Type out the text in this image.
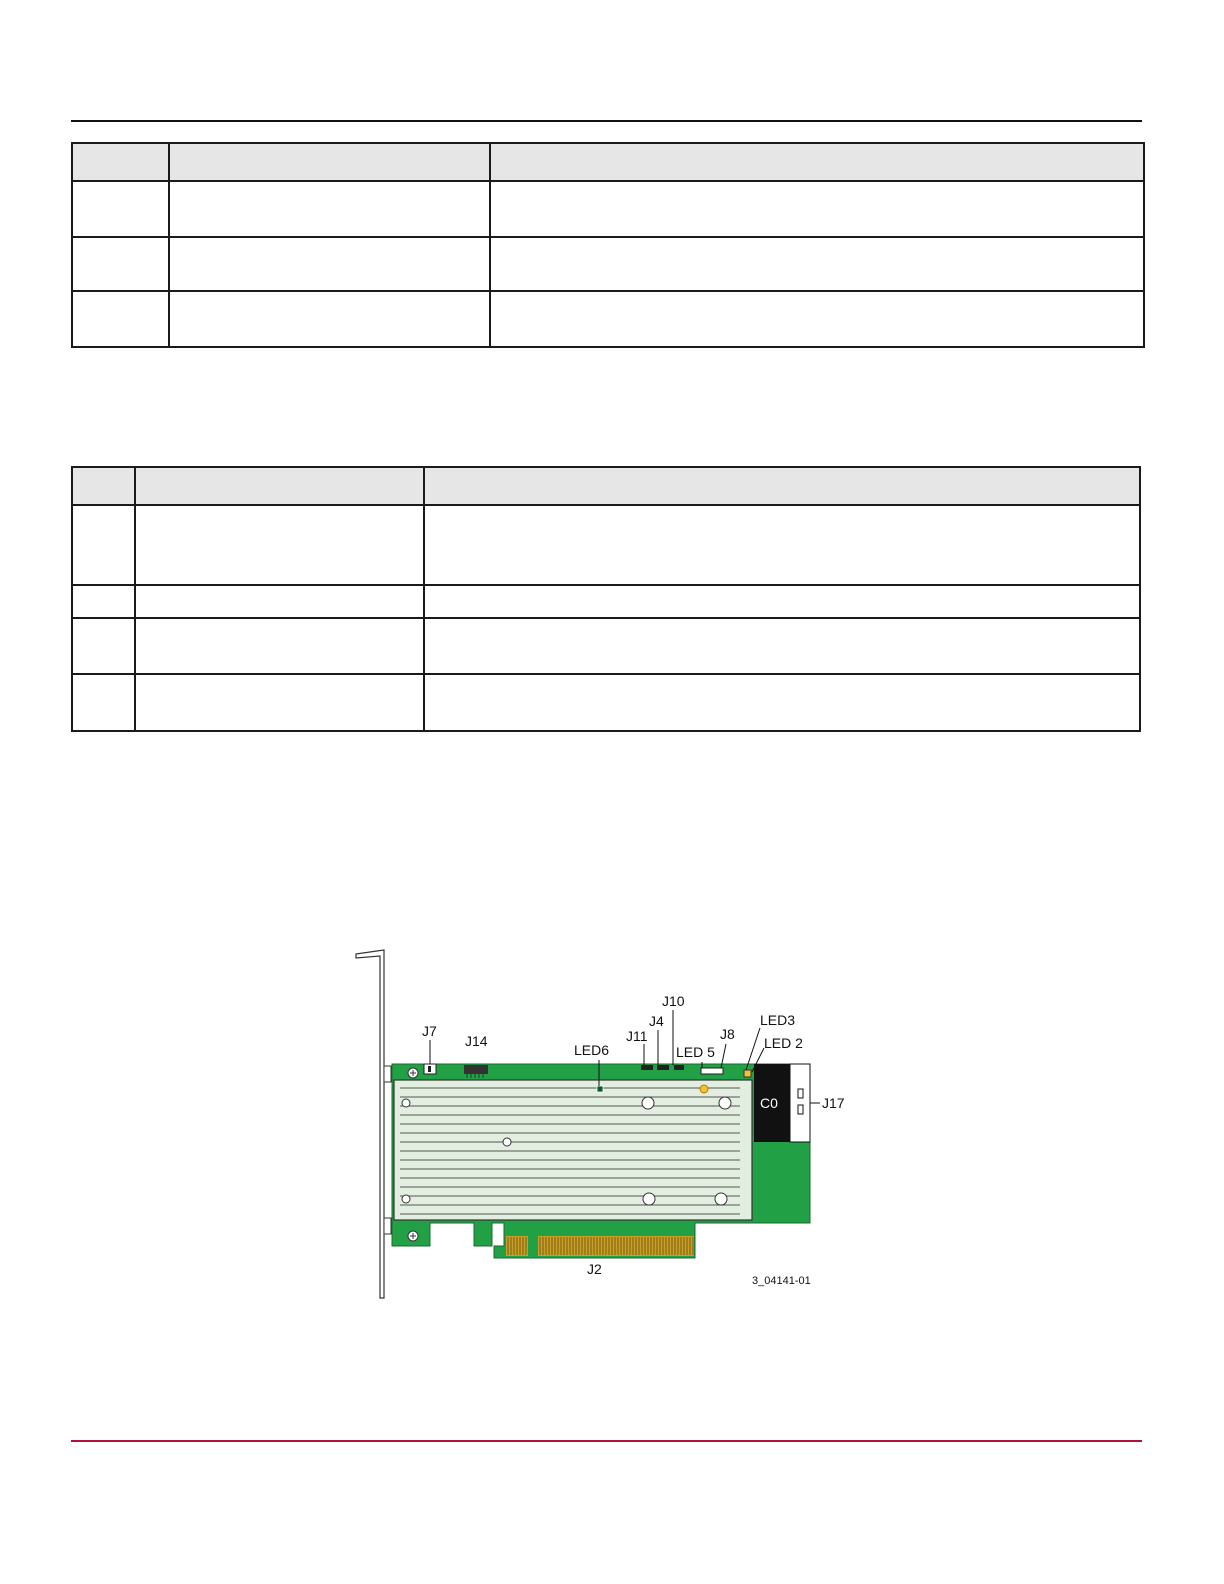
C0
J7
J14
LED6
J11
J4
J10
LED 5
J8
LED3
LED 2
J17
J2
3_04141-01
